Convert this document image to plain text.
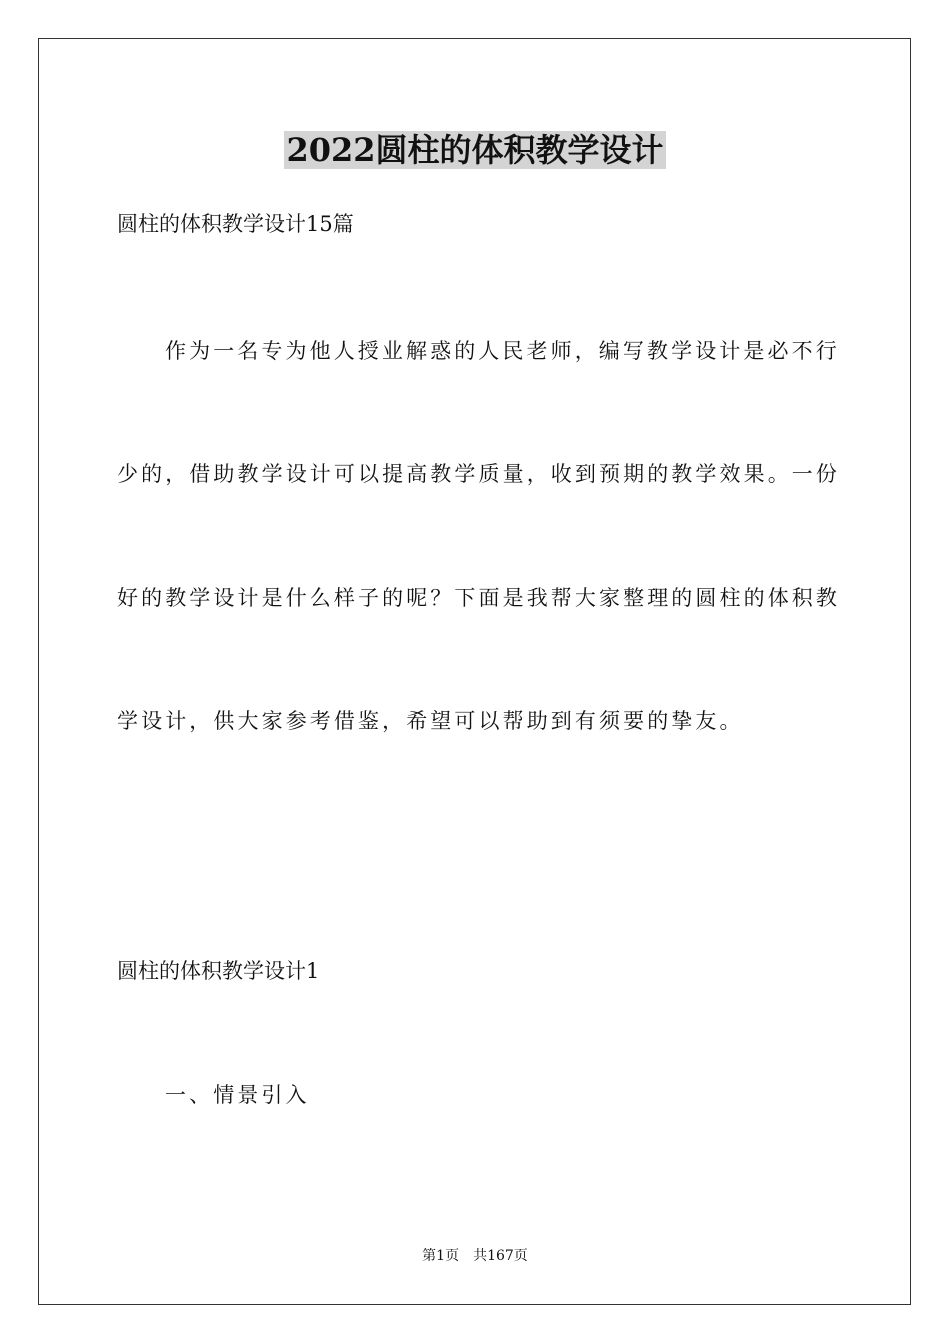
2022圆柱的体积教学设计
圆柱的体积教学设计15篇
作为一名专为他人授业解惑的人民老师，编写教学设计是必不行
少的，借助教学设计可以提高教学质量，收到预期的教学效果。一份
好的教学设计是什么样子的呢？下面是我帮大家整理的圆柱的体积教
学设计，供大家参考借鉴，希望可以帮助到有须要的挚友。
圆柱的体积教学设计1
一、情景引入
第1页　共167页
